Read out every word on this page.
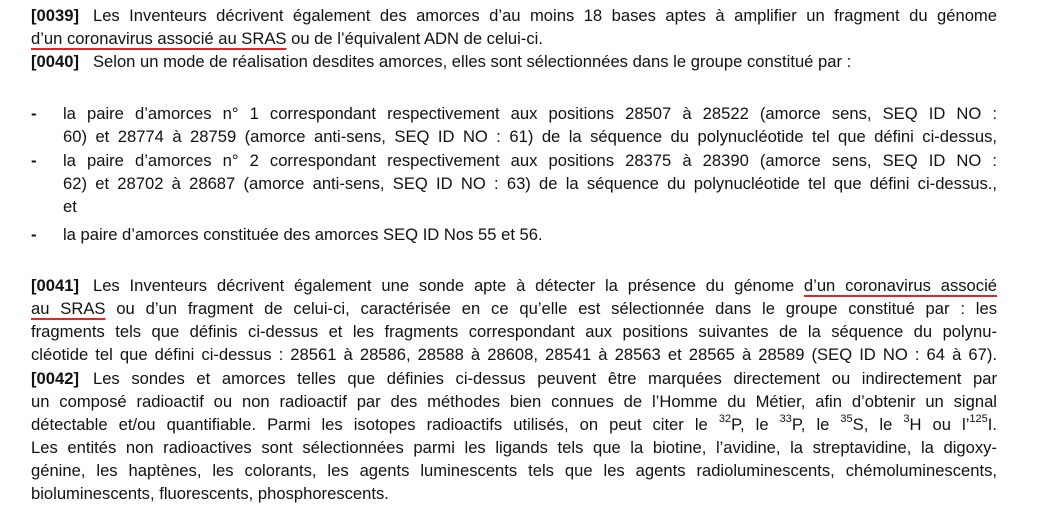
[0039] Les Inventeurs décrivent également des amorces d’au moins 18 bases aptes à amplifier un fragment du génome
d’un coronavirus associé au SRAS ou de l’équivalent ADN de celui-ci.
[0040] Selon un mode de réalisation desdites amorces, elles sont sélectionnées dans le groupe constitué par :
- la paire d’amorces n° 1 correspondant respectivement aux positions 28507 à 28522 (amorce sens, SEQ ID NO :
60) et 28774 à 28759 (amorce anti-sens, SEQ ID NO : 61) de la séquence du polynucléotide tel que défini ci-dessus,
- la paire d’amorces n° 2 correspondant respectivement aux positions 28375 à 28390 (amorce sens, SEQ ID NO :
62) et 28702 à 28687 (amorce anti-sens, SEQ ID NO : 63) de la séquence du polynucléotide tel que défini ci-dessus.,
et
- la paire d’amorces constituée des amorces SEQ ID Nos 55 et 56.
[0041] Les Inventeurs décrivent également une sonde apte à détecter la présence du génome d’un coronavirus associé
au SRAS ou d’un fragment de celui-ci, caractérisée en ce qu’elle est sélectionnée dans le groupe constitué par : les
fragments tels que définis ci-dessus et les fragments correspondant aux positions suivantes de la séquence du polynu-
cléotide tel que défini ci-dessus : 28561 à 28586, 28588 à 28608, 28541 à 28563 et 28565 à 28589 (SEQ ID NO : 64 à 67).
[0042] Les sondes et amorces telles que définies ci-dessus peuvent être marquées directement ou indirectement par
un composé radioactif ou non radioactif par des méthodes bien connues de l’Homme du Métier, afin d’obtenir un signal
détectable et/ou quantifiable. Parmi les isotopes radioactifs utilisés, on peut citer le $^{32}$P, le $^{33}$P, le $^{35}$S, le $^3$H ou l’$^{125}$I.
Les entités non radioactives sont sélectionnées parmi les ligands tels que la biotine, l’avidine, la streptavidine, la digoxy-
génine, les haptènes, les colorants, les agents luminescents tels que les agents radioluminescents, chémoluminescents,
bioluminescents, fluorescents, phosphorescents.
